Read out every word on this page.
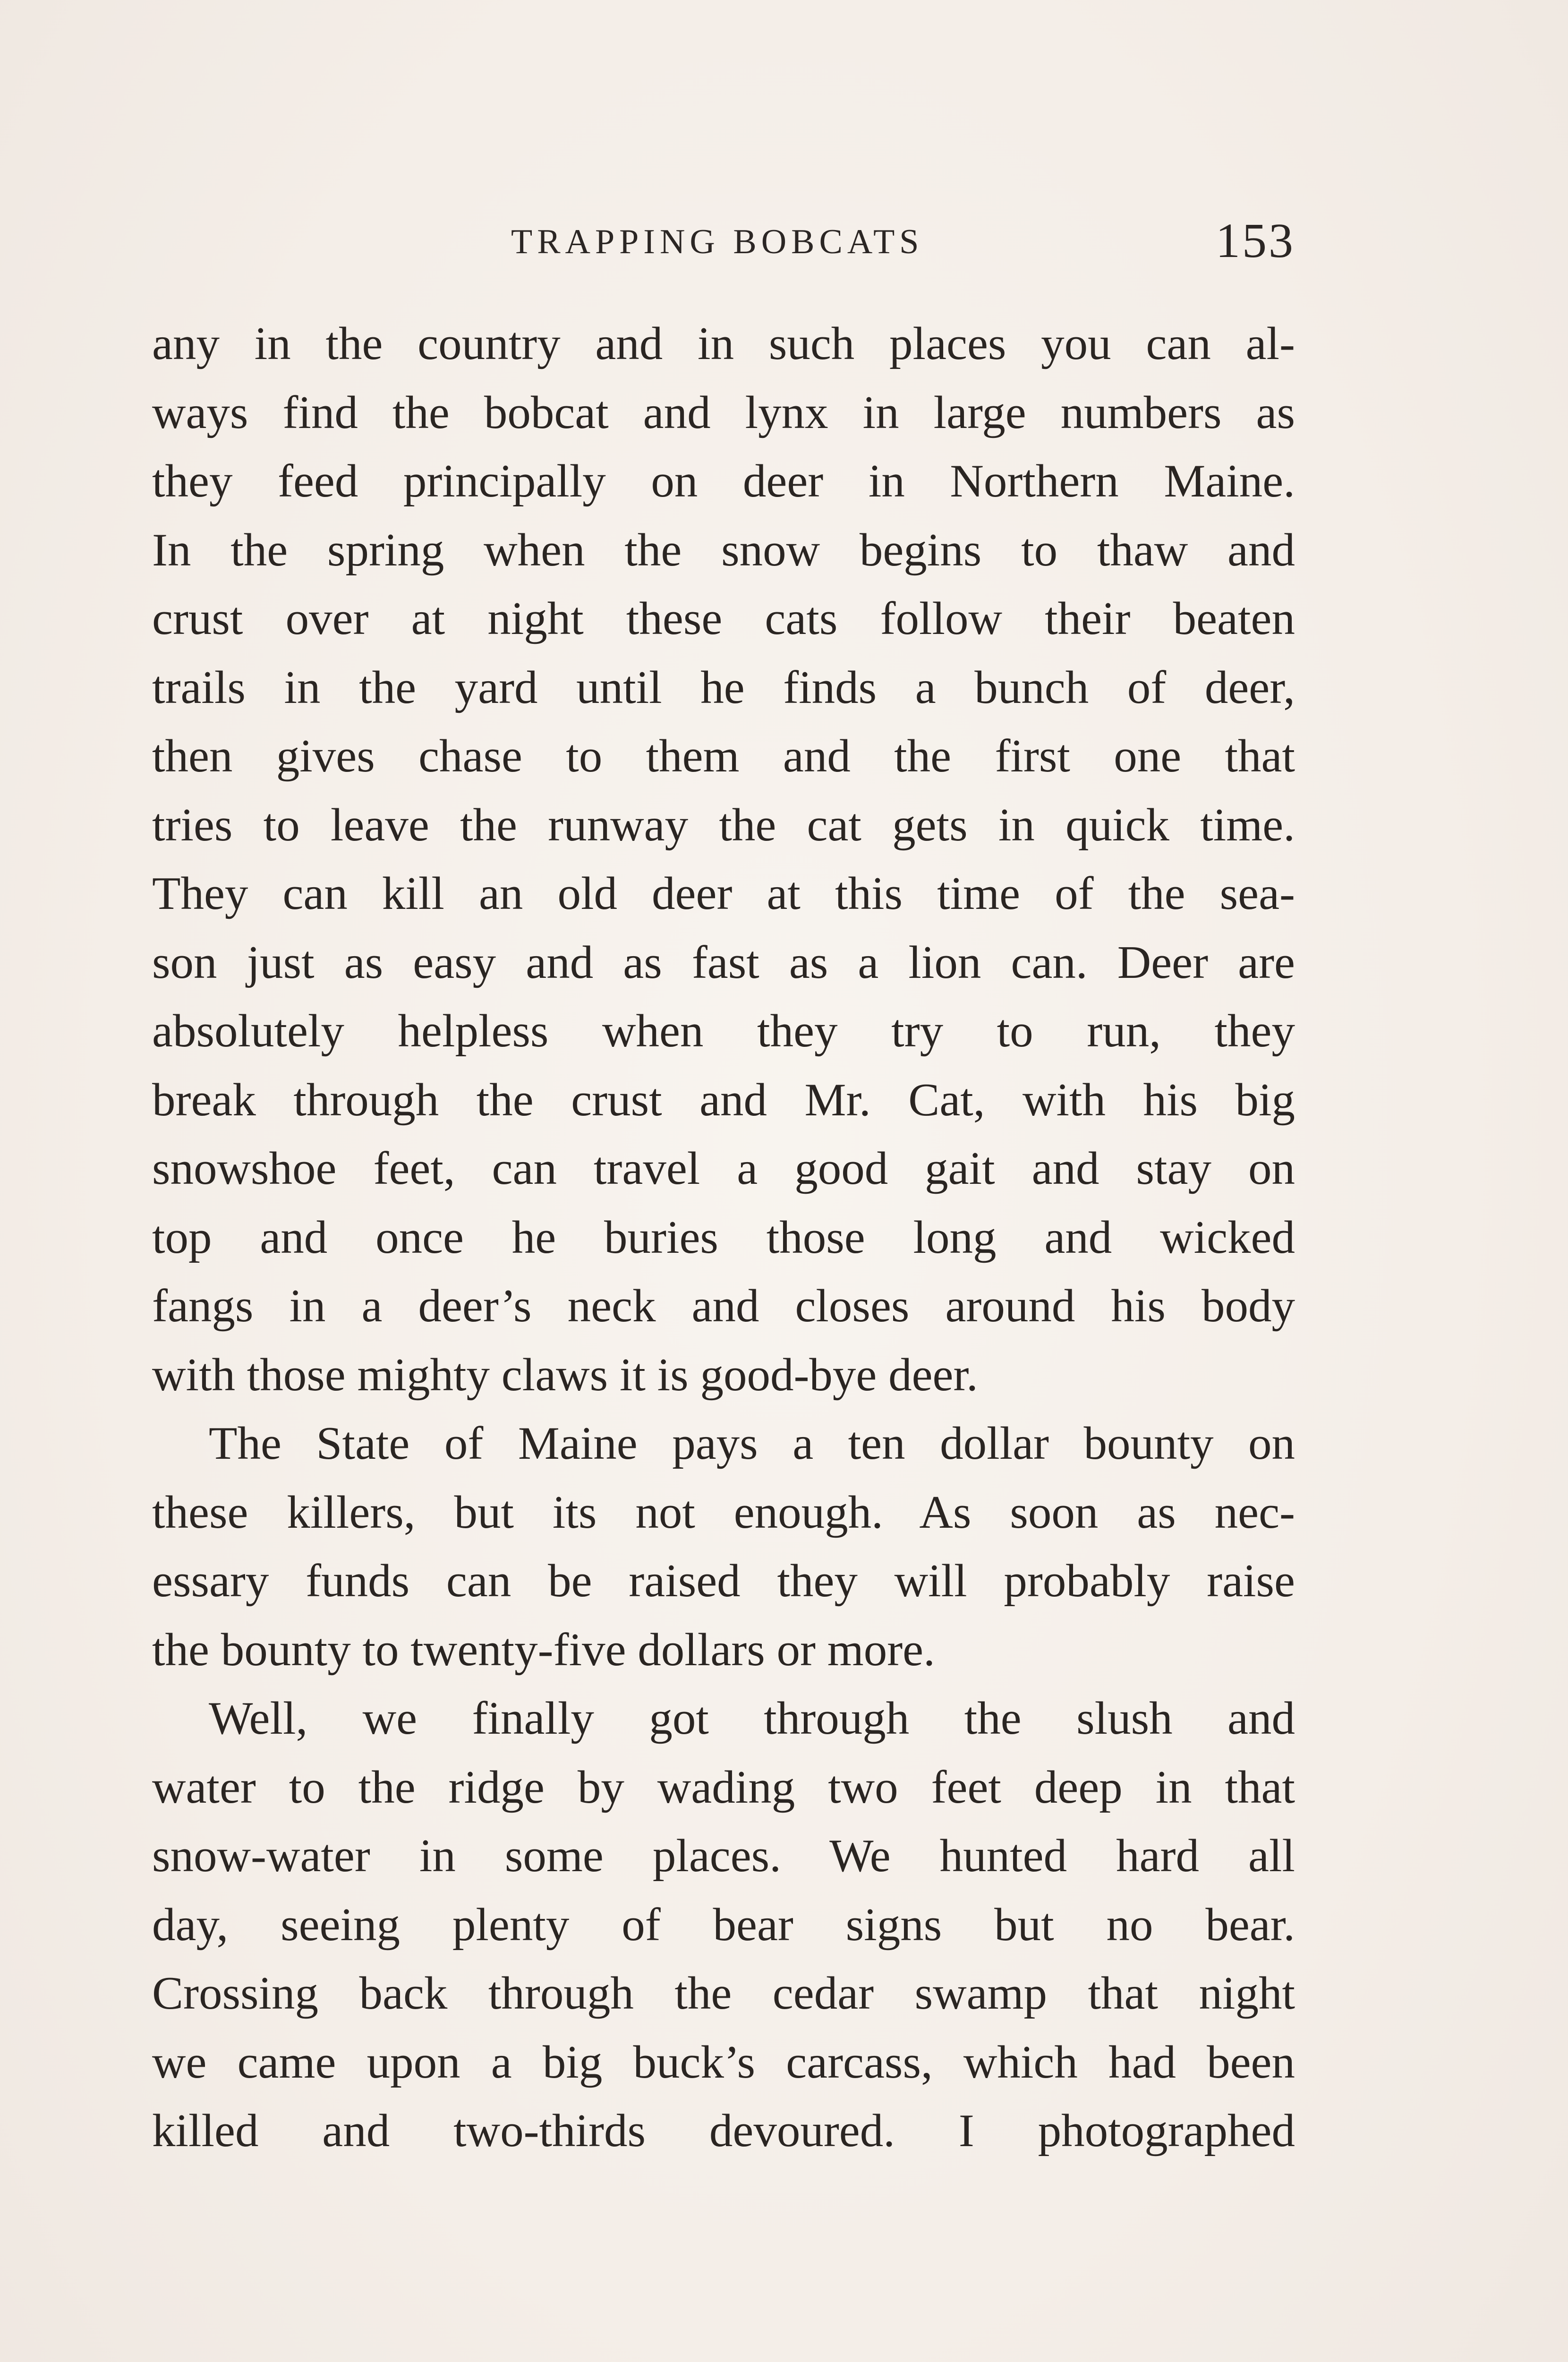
TRAPPING BOBCATS	153
any in the country and in such places you can al-
ways find the bobcat and lynx in large numbers as
they feed principally on deer in Northern Maine.
In the spring when the snow begins to thaw and
crust over at night these cats follow their beaten
trails in the yard until he finds a bunch of deer,
then gives chase to them and the first one that
tries to leave the runway the cat gets in quick time.
They can kill an old deer at this time of the sea-
son just as easy and as fast as a lion can. Deer are
absolutely helpless when they try to run, they
break through the crust and Mr. Cat, with his big
snowshoe feet, can travel a good gait and stay on
top and once he buries those long and wicked
fangs in a deer’s neck and closes around his body
with those mighty claws it is good-bye deer.
The State of Maine pays a ten dollar bounty on
these killers, but its not enough. As soon as nec-
essary funds can be raised they will probably raise
the bounty to twenty-five dollars or more.
Well, we finally got through the slush and
water to the ridge by wading two feet deep in that
snow-water in some places. We hunted hard all
day, seeing plenty of bear signs but no bear.
Crossing back through the cedar swamp that night
we came upon a big buck’s carcass, which had been
killed and two-thirds devoured. I photographed
